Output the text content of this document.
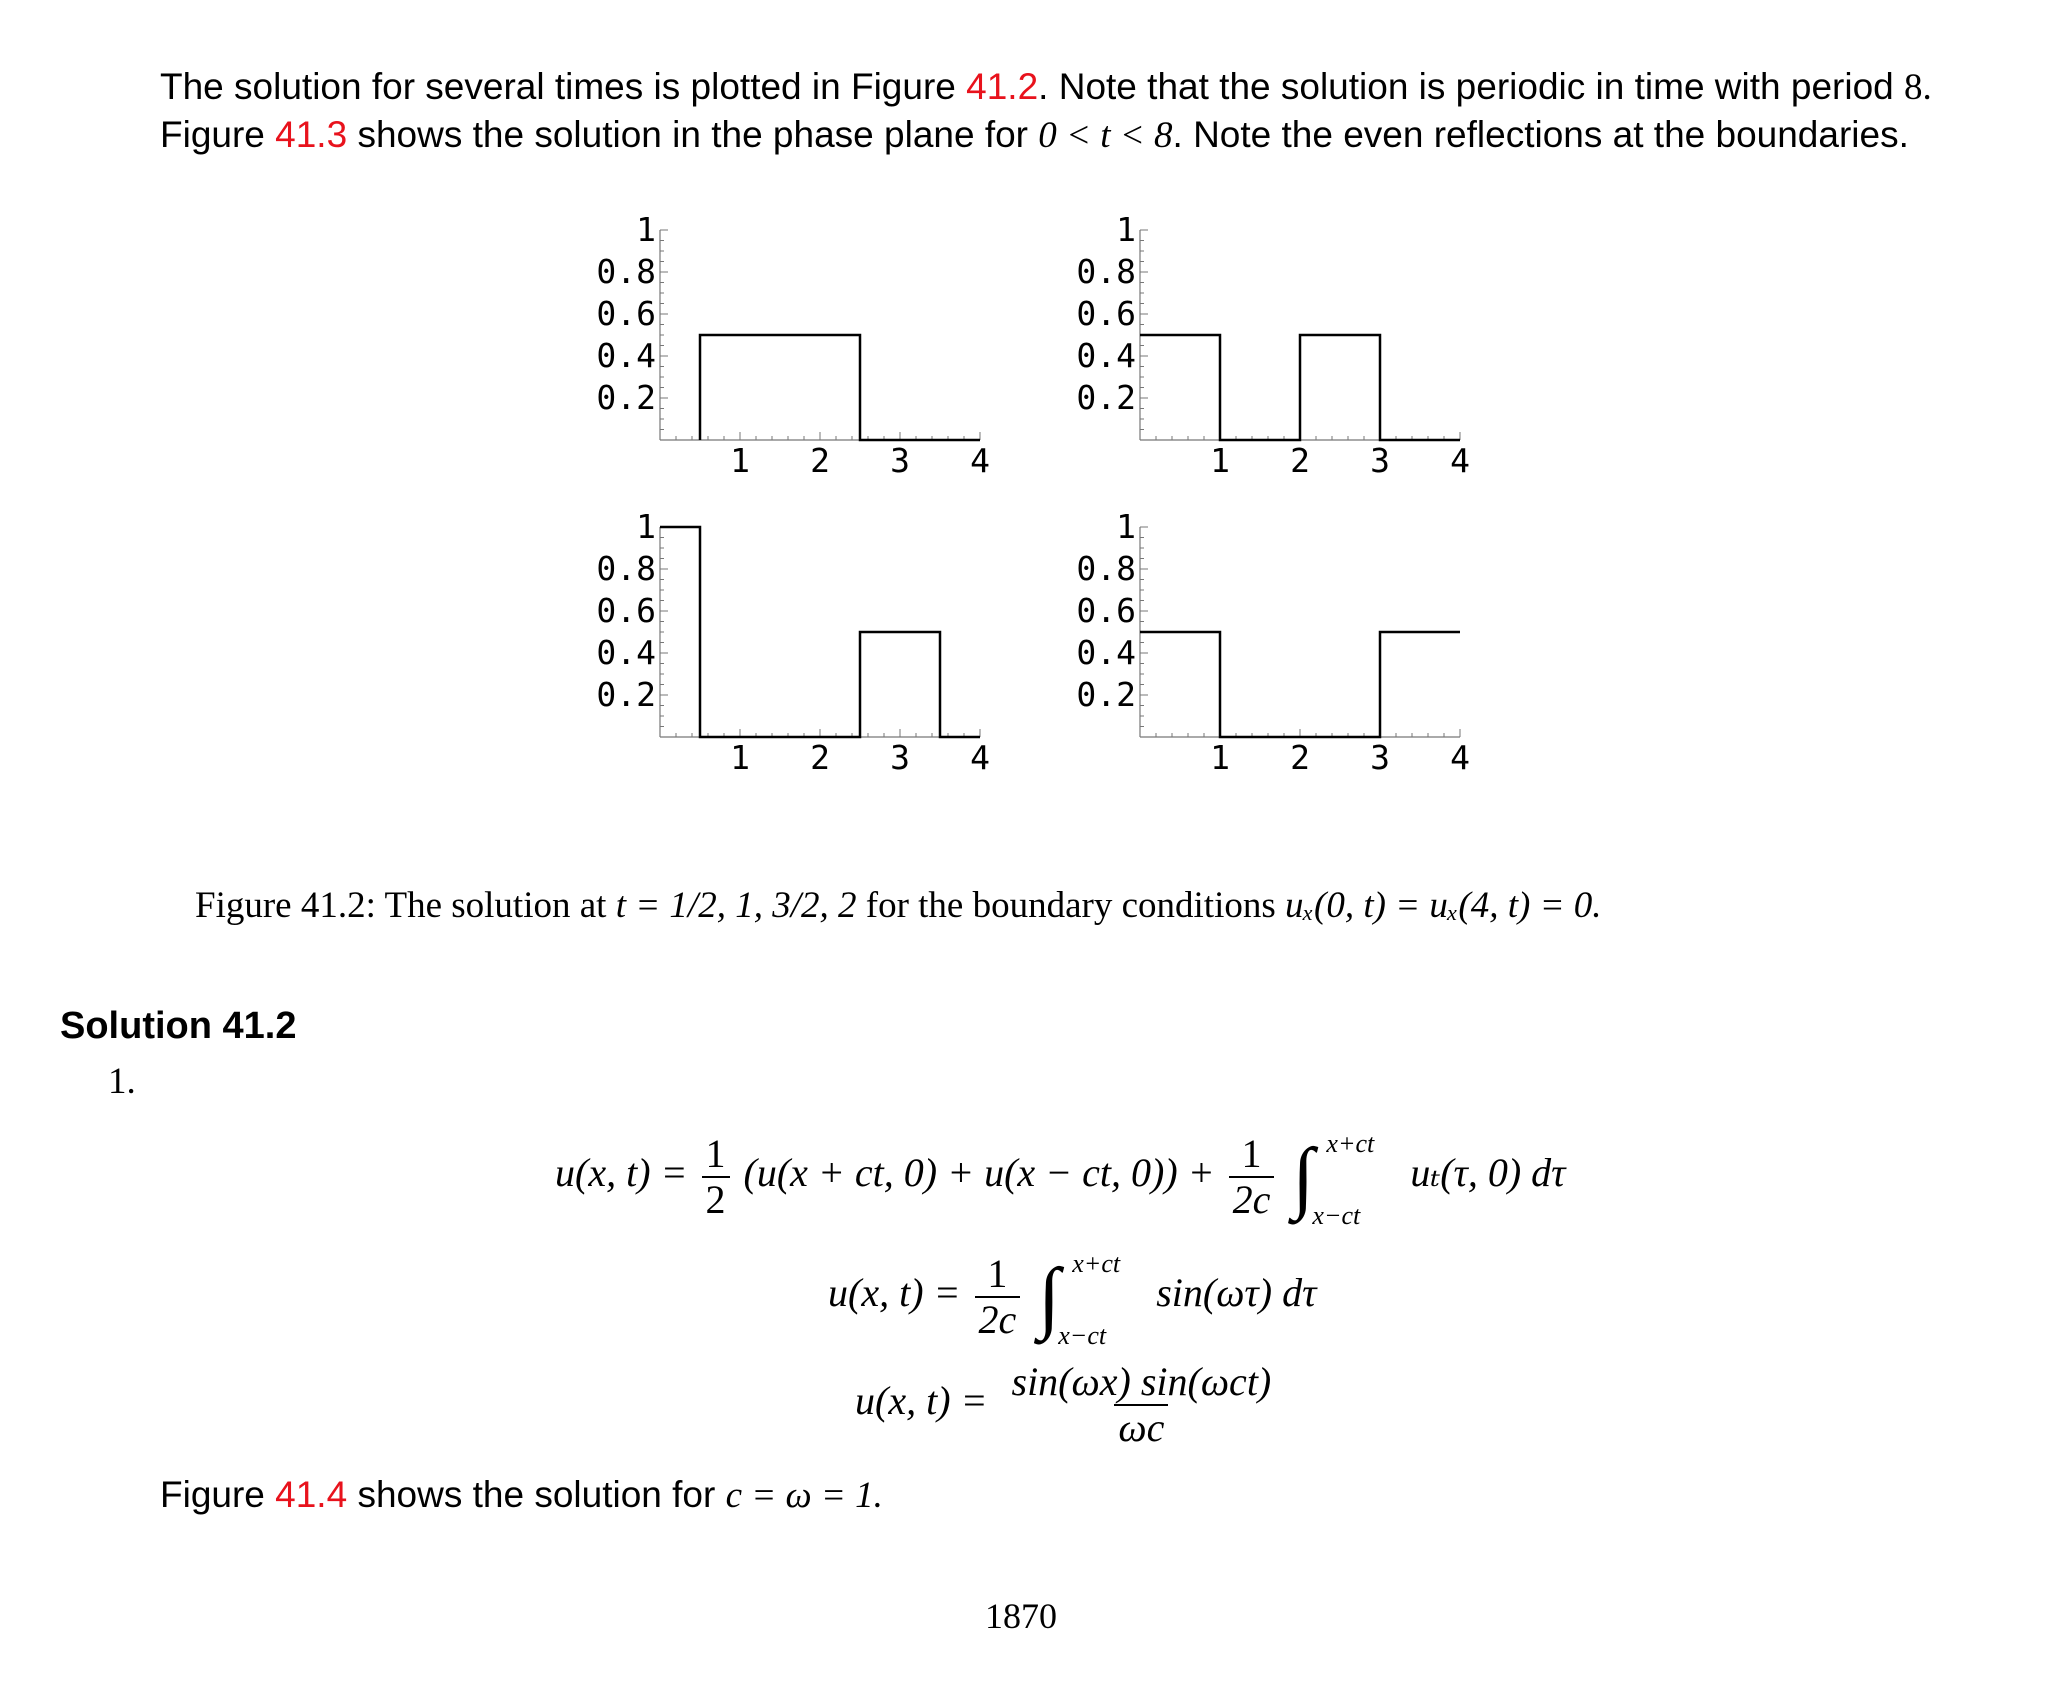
The solution for several times is plotted in Figure 41.2. Note that the solution is periodic in time with period 8.
Figure 41.3 shows the solution in the phase plane for 0 < t < 8. Note the even reflections at the boundaries.
0.2
0.4
0.6
0.8
1
1 2 3 4
0.2
0.4
0.6
0.8
1
1 2 3 4
0.2
0.4
0.6
0.8
1
1 2 3 4
0.2
0.4
0.6
0.8
1
1 2 3 4
Figure 41.2: The solution at t = 1/2, 1, 3/2, 2 for the boundary conditions uₓ(0, t) = uₓ(4, t) = 0.
Solution 41.2
1.
u(x, $t) = \frac{1}{2} (u(x$ + ct, 0) + u(x − ct, $0)) + \frac{1}{2c}$ ∫ x+ct
x−ct
uₜ(τ, 0) dτ
u(x, $t) = \frac{1}{2c}$ ∫ x+ct
x−ct
sin(ωτ) dτ
u(x, $t) = \frac{\text{sin(ωx) sin(ωct)}}{\omega c}$
Figure 41.4 shows the solution for c = ω = 1.
1870
